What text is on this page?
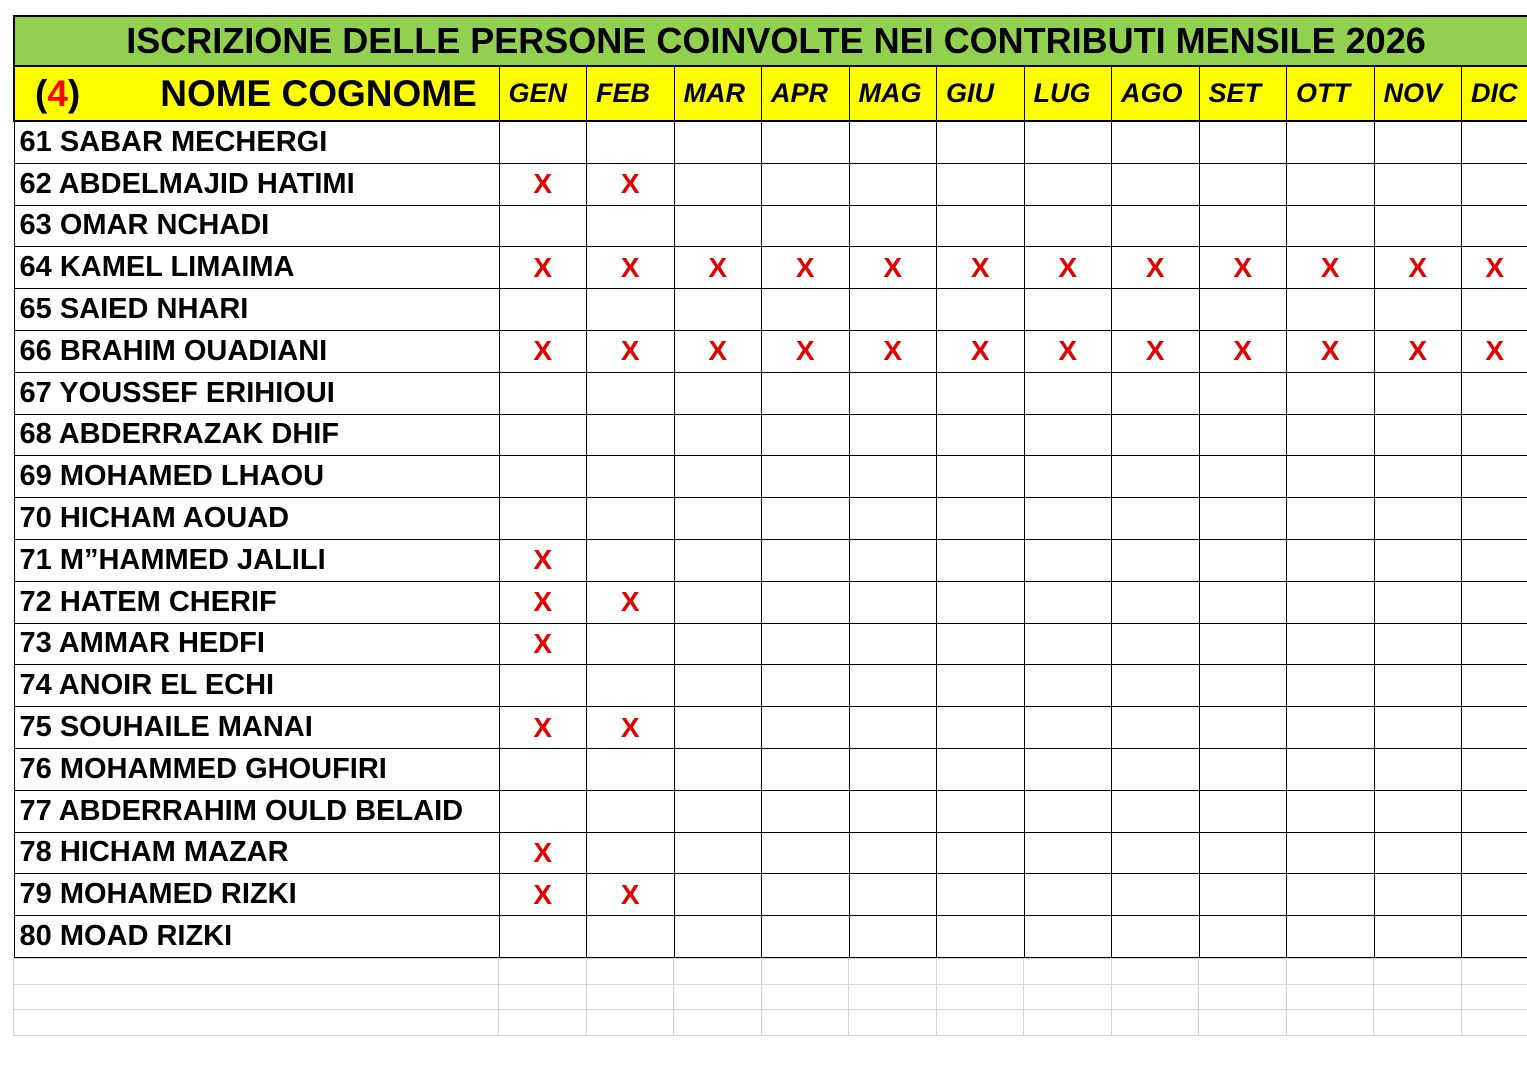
ISCRIZIONE DELLE PERSONE COINVOLTE NEI CONTRIBUTI MENSILE 2026
(4) NOME COGNOME	GEN	FEB	MAR	APR	MAG	GIU	LUG	AGO	SET	OTT	NOV	DIC
61 SABAR MECHERGI												
62 ABDELMAJID HATIMI	X	X										
63 OMAR NCHADI												
64 KAMEL LIMAIMA	X	X	X	X	X	X	X	X	X	X	X	X
65 SAIED NHARI												
66 BRAHIM OUADIANI	X	X	X	X	X	X	X	X	X	X	X	X
67 YOUSSEF ERIHIOUI												
68 ABDERRAZAK DHIF												
69 MOHAMED LHAOU												
70 HICHAM AOUAD												
71 M”HAMMED JALILI	X											
72 HATEM CHERIF	X	X										
73 AMMAR HEDFI	X											
74 ANOIR EL ECHI												
75 SOUHAILE MANAI	X	X										
76 MOHAMMED GHOUFIRI												
77 ABDERRAHIM OULD BELAID												
78 HICHAM MAZAR	X											
79 MOHAMED RIZKI	X	X										
80 MOAD RIZKI												
